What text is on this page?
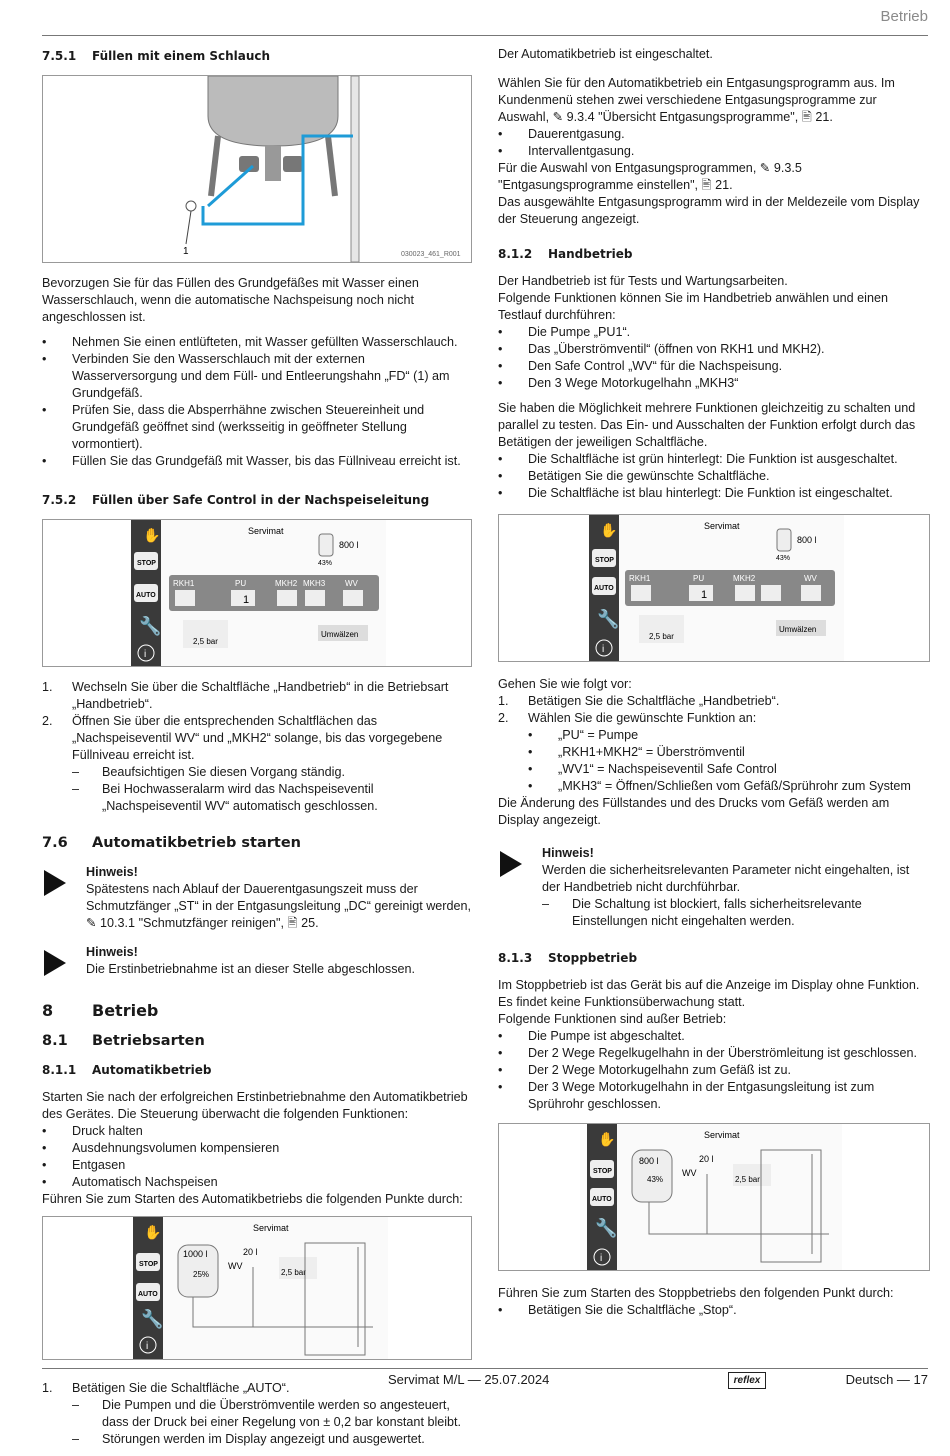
Betrieb
7.5.1 Füllen mit einem Schlauch
1	030023_461_R001

Bevorzugen Sie für das Füllen des Grundgefäßes mit Wasser einen Wasserschlauch, wenn die automatische Nachspeisung noch nicht angeschlossen ist.

• Nehmen Sie einen entlüfteten, mit Wasser gefüllten Wasserschlauch.
• Verbinden Sie den Wasserschlauch mit der externen Wasserversorgung und dem Füll- und Entleerungshahn „FD“ (1) am Grundgefäß.
• Prüfen Sie, dass die Absperrhähne zwischen Steuereinheit und Grundgefäß geöffnet sind (werksseitig in geöffneter Stellung vormontiert).
• Füllen Sie das Grundgefäß mit Wasser, bis das Füllniveau erreicht ist.
7.5.2 Füllen über Safe Control in der Nachspeiseleitung
✋
STOP
AUTO
🔧
i
Servimat
800 l
43%
RKH1	PU	MKH2 MKH3 WV
1
2,5 bar
Umwälzen
1. Wechseln Sie über die Schaltfläche „Handbetrieb“ in die Betriebsart „Handbetrieb“.
2. Öffnen Sie über die entsprechenden Schaltflächen das „Nachspeiseventil WV“ und „MKH2“ solange, bis das vorgegebene Füllniveau erreicht ist.
– Beaufsichtigen Sie diesen Vorgang ständig.
– Bei Hochwasseralarm wird das Nachspeiseventil „Nachspeiseventil WV“ automatisch geschlossen.
7.6 Automatikbetrieb starten
Hinweis!
Spätestens nach Ablauf der Dauerentgasungszeit muss der Schmutzfänger „ST“ in der Entgasungsleitung „DC“ gereinigt werden, ✎ 10.3.1 "Schmutzfänger reinigen", 🖹 25.
Hinweis!
Die Erstinbetriebnahme ist an dieser Stelle abgeschlossen.
8 Betrieb
8.1 Betriebsarten
8.1.1 Automatikbetrieb

Starten Sie nach der erfolgreichen Erstinbetriebnahme den Automatikbetrieb des Gerätes. Die Steuerung überwacht die folgenden Funktionen:

• Druck halten
• Ausdehnungsvolumen kompensieren
• Entgasen
• Automatisch Nachspeisen

Führen Sie zum Starten des Automatikbetriebs die folgenden Punkte durch:

✋
STOP
AUTO
🔧
i
Servimat
1000 l
25%
20 l
WV
2,5 bar
1. Betätigen Sie die Schaltfläche „AUTO“.
– Die Pumpen und die Überströmventile werden so angesteuert, dass der Druck bei einer Regelung von ± 0,2 bar konstant bleibt.
– Störungen werden im Display angezeigt und ausgewertet.

Der Automatikbetrieb ist eingeschaltet.

Wählen Sie für den Automatikbetrieb ein Entgasungsprogramm aus. Im Kundenmenü stehen zwei verschiedene Entgasungsprogramme zur Auswahl, ✎ 9.3.4 "Übersicht Entgasungsprogramme", 🖹 21.

• Dauerentgasung.
• Intervallentgasung.

Für die Auswahl von Entgasungsprogrammen, ✎ 9.3.5 "Entgasungsprogramme einstellen", 🖹 21.

Das ausgewählte Entgasungsprogramm wird in der Meldezeile vom Display der Steuerung angezeigt.

8.1.2 Handbetrieb

Der Handbetrieb ist für Tests und Wartungsarbeiten.

Folgende Funktionen können Sie im Handbetrieb anwählen und einen Testlauf durchführen:

• Die Pumpe „PU1“.
• Das „Überströmventil“ (öffnen von RKH1 und MKH2).
• Den Safe Control „WV“ für die Nachspeisung.
• Den 3 Wege Motorkugelhahn „MKH3“

Sie haben die Möglichkeit mehrere Funktionen gleichzeitig zu schalten und parallel zu testen. Das Ein- und Ausschalten der Funktion erfolgt durch das Betätigen der jeweiligen Schaltfläche.

• Die Schaltfläche ist grün hinterlegt: Die Funktion ist ausgeschaltet.
• Betätigen Sie die gewünschte Schaltfläche.
• Die Schaltfläche ist blau hinterlegt: Die Funktion ist eingeschaltet.
✋
STOP
AUTO
🔧
i
Servimat
800 l
43%
RKH1	PU	MKH2	WV
1
2,5 bar
Umwälzen

Gehen Sie wie folgt vor:

1. Betätigen Sie die Schaltfläche „Handbetrieb“.
2. Wählen Sie die gewünschte Funktion an:
• „PU“ = Pumpe
• „RKH1+MKH2“ = Überströmventil
• „WV1“ = Nachspeiseventil Safe Control
• „MKH3“ = Öffnen/Schließen vom Gefäß/Sprührohr zum System

Die Änderung des Füllstandes und des Drucks vom Gefäß werden am Display angezeigt.

Hinweis!
Werden die sicherheitsrelevanten Parameter nicht eingehalten, ist der Handbetrieb nicht durchführbar.
– Die Schaltung ist blockiert, falls sicherheitsrelevante Einstellungen nicht eingehalten werden.
8.1.3 Stoppbetrieb

Im Stoppbetrieb ist das Gerät bis auf die Anzeige im Display ohne Funktion. Es findet keine Funktionsüberwachung statt.

Folgende Funktionen sind außer Betrieb:

• Die Pumpe ist abgeschaltet.
• Der 2 Wege Regelkugelhahn in der Überströmleitung ist geschlossen.
• Der 2 Wege Motorkugelhahn zum Gefäß ist zu.
• Der 3 Wege Motorkugelhahn in der Entgasungsleitung ist zum Sprührohr geschlossen.
✋
STOP
AUTO
🔧
i
Servimat
800 l
43%
20 l
WV
2,5 bar

Führen Sie zum Starten des Stoppbetriebs den folgenden Punkt durch:

• Betätigen Sie die Schaltfläche „Stop“.
Servimat M/L — 25.07.2024	reflex	Deutsch — 17
